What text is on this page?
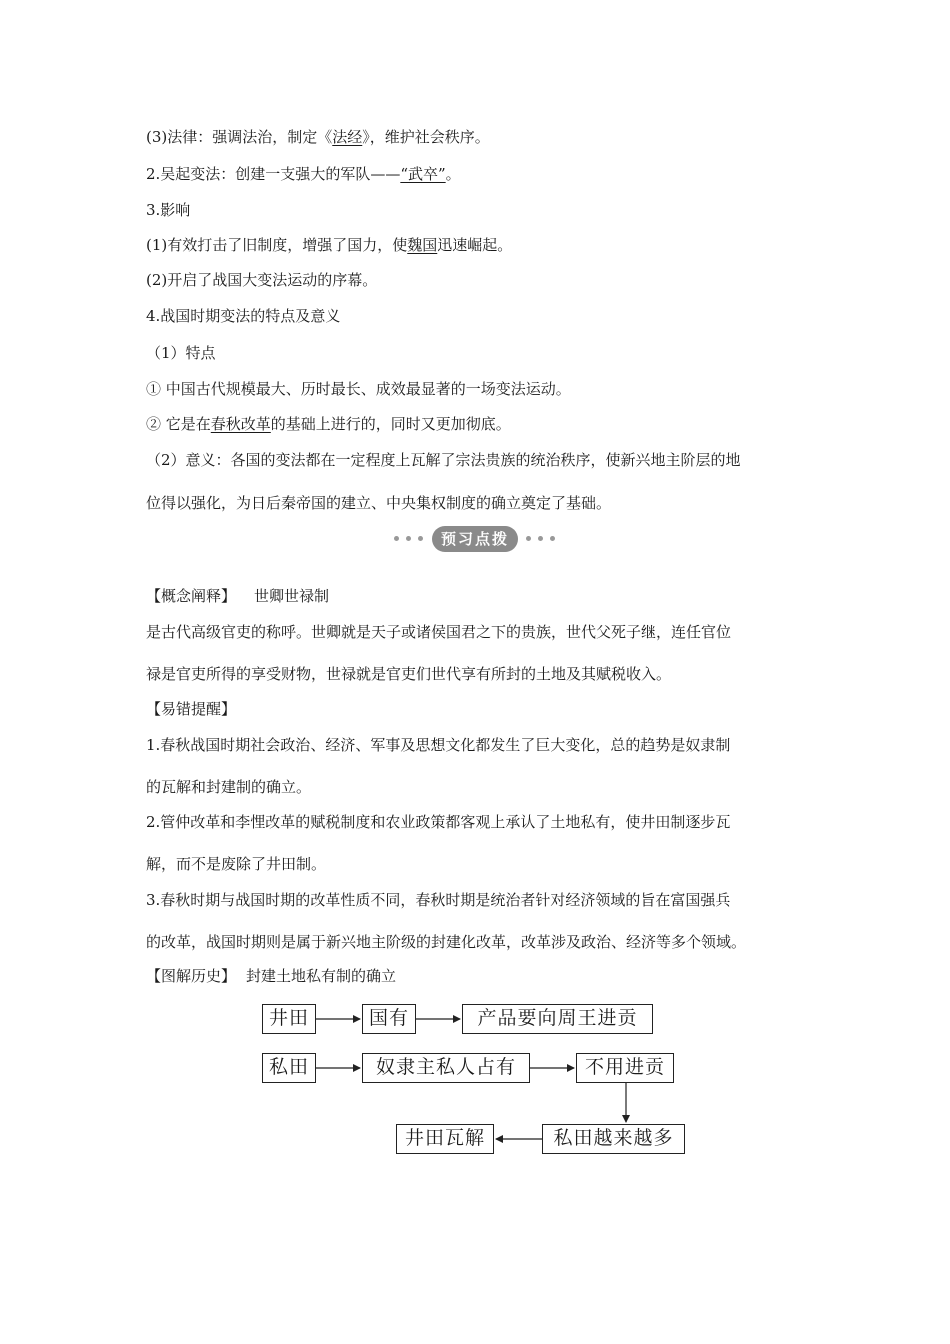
(3)法律：强调法治，制定《法经》，维护社会秩序。
2.吴起变法：创建一支强大的军队——“武卒”。
3.影响
(1)有效打击了旧制度，增强了国力，使魏国迅速崛起。
(2)开启了战国大变法运动的序幕。
4.战国时期变法的特点及意义
（1）特点
① 中国古代规模最大、历时最长、成效最显著的一场变法运动。
② 它是在春秋改革的基础上进行的，同时又更加彻底。
（2）意义：各国的变法都在一定程度上瓦解了宗法贵族的统治秩序，使新兴地主阶层的地
位得以强化，为日后秦帝国的建立、中央集权制度的确立奠定了基础。
预习点拨
【概念阐释】 世卿世禄制
是古代高级官吏的称呼。世卿就是天子或诸侯国君之下的贵族，世代父死子继，连任官位
禄是官吏所得的享受财物，世禄就是官吏们世代享有所封的土地及其赋税收入。
【易错提醒】
1.春秋战国时期社会政治、经济、军事及思想文化都发生了巨大变化，总的趋势是奴隶制
的瓦解和封建制的确立。
2.管仲改革和李悝改革的赋税制度和农业政策都客观上承认了土地私有，使井田制逐步瓦
解，而不是废除了井田制。
3.春秋时期与战国时期的改革性质不同，春秋时期是统治者针对经济领域的旨在富国强兵
的改革，战国时期则是属于新兴地主阶级的封建化改革，改革涉及政治、经济等多个领域。
【图解历史】 封建土地私有制的确立
井田	国有	产品要向周王进贡
私田	奴隶主私人占有	不用进贡
私田越来越多
井田瓦解
